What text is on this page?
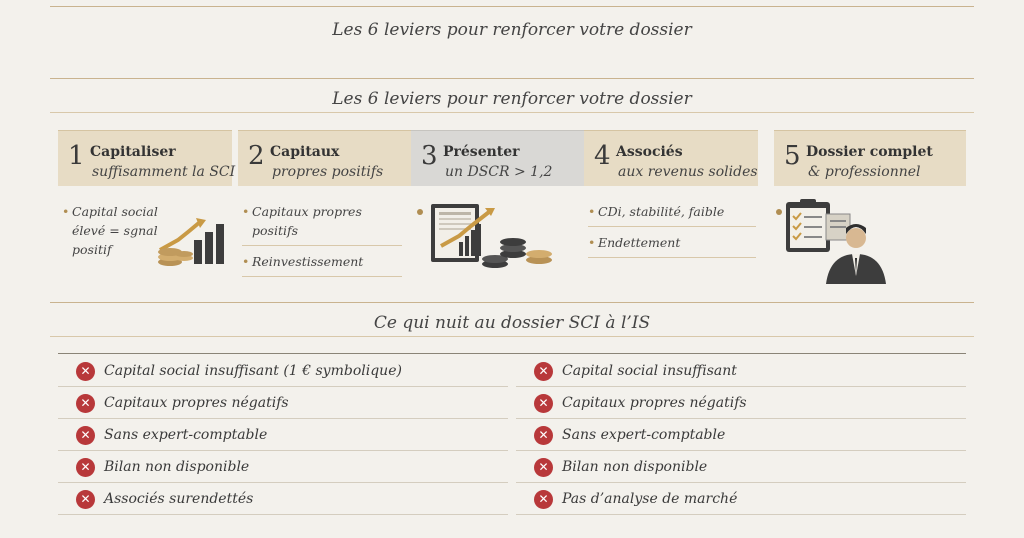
Les 6 leviers pour renforcer votre dossier
Les 6 leviers pour renforcer votre dossier
1 Capitaliser
suffisamment la SCI
• Capital social élevé = sgnal positif
2 Capitaux
propres positifs
• Capitaux propres positifs
• Reinvestissement
3 Présenter
un DSCR > 1,2
4 Associés
aux revenus solides
• CDi, stabilité, faible
• Endettement
5 Dossier complet
& professionnel
Ce qui nuit au dossier SCI à l’IS
✕ Capital social insuffisant (1 € symbolique)
✕ Capitaux propres négatifs
✕ Sans expert-comptable
✕ Bilan non disponible
✕ Associés surendettés
✕ Capital social insuffisant
✕ Capitaux propres négatifs
✕ Sans expert-comptable
✕ Bilan non disponible
✕ Pas d’analyse de marché
